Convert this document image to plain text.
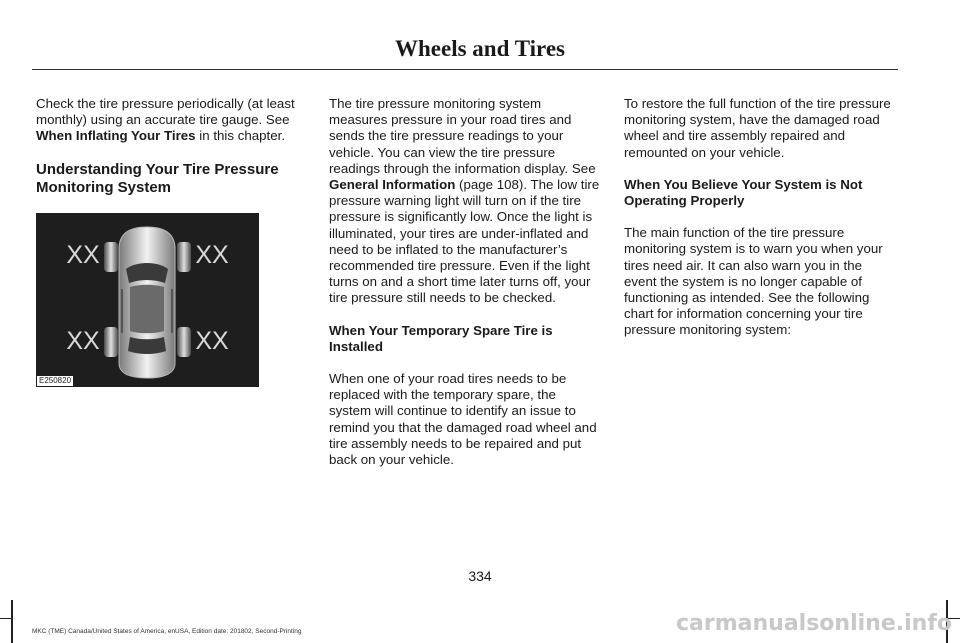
Wheels and Tires

Check the tire pressure periodically (at least monthly) using an accurate tire gauge. See When Inflating Your Tires in this chapter.

Understanding Your Tire Pressure Monitoring System
XX	XX
XX	XX
E250820

The tire pressure monitoring system measures pressure in your road tires and sends the tire pressure readings to your vehicle. You can view the tire pressure readings through the information display. See General Information (page 108). The low tire pressure warning light will turn on if the tire pressure is significantly low. Once the light is illuminated, your tires are under-inflated and need to be inflated to the manufacturer’s recommended tire pressure. Even if the light turns on and a short time later turns off, your tire pressure still needs to be checked.

When Your Temporary Spare Tire is Installed

When one of your road tires needs to be replaced with the temporary spare, the system will continue to identify an issue to remind you that the damaged road wheel and tire assembly needs to be repaired and put back on your vehicle.

To restore the full function of the tire pressure monitoring system, have the damaged road wheel and tire assembly repaired and remounted on your vehicle.

When You Believe Your System is Not Operating Properly

The main function of the tire pressure monitoring system is to warn you when your tires need air. It can also warn you in the event the system is no longer capable of functioning as intended. See the following chart for information concerning your tire pressure monitoring system:

334
MKC (TME) Canada/United States of America, enUSA, Edition date: 201802, Second-Printing	carmanualsonline.info
